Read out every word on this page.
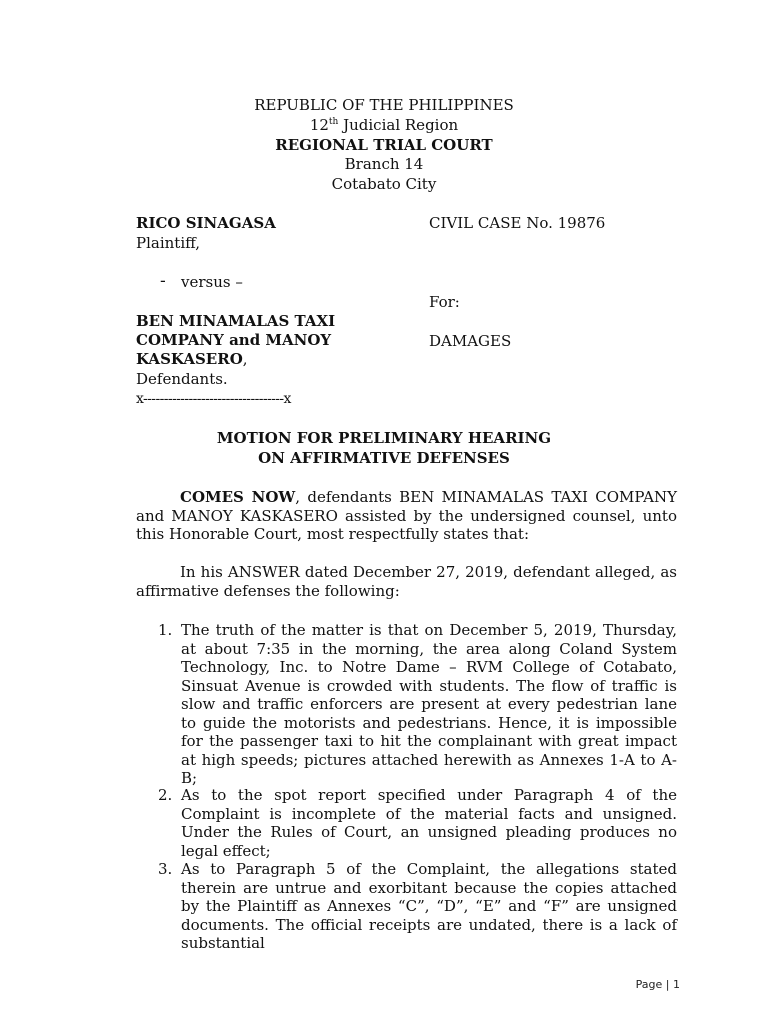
REPUBLIC OF THE PHILIPPINES
12th Judicial Region
REGIONAL TRIAL COURT
Branch 14
Cotabato City
RICO SINAGASA
Plaintiff,
- versus –
BEN MINAMALAS TAXI
COMPANY and MANOY
KASKASERO,
Defendants.
x----------------------------------x
CIVIL CASE No. 19876
For:
DAMAGES
MOTION FOR PRELIMINARY HEARING
ON AFFIRMATIVE DEFENSES
COMES NOW, defendants BEN MINAMALAS TAXI COMPANY and MANOY KASKASERO assisted by the undersigned counsel, unto this Honorable Court, most respectfully states that:
In his ANSWER dated December 27, 2019, defendant alleged, as affirmative defenses the following:
1. The truth of the matter is that on December 5, 2019, Thursday, at about 7:35 in the morning, the area along Coland System Technology, Inc. to Notre Dame – RVM College of Cotabato, Sinsuat Avenue is crowded with students. The flow of traffic is slow and traffic enforcers are present at every pedestrian lane to guide the motorists and pedestrians. Hence, it is impossible for the passenger taxi to hit the complainant with great impact at high speeds; pictures attached herewith as Annexes 1-A to A-B;
2. As to the spot report specified under Paragraph 4 of the Complaint is incomplete of the material facts and unsigned. Under the Rules of Court, an unsigned pleading produces no legal effect;
3. As to Paragraph 5 of the Complaint, the allegations stated therein are untrue and exorbitant because the copies attached by the Plaintiff as Annexes “C”, “D”, “E” and “F” are unsigned documents. The official receipts are undated, there is a lack of substantial
Page | 1
